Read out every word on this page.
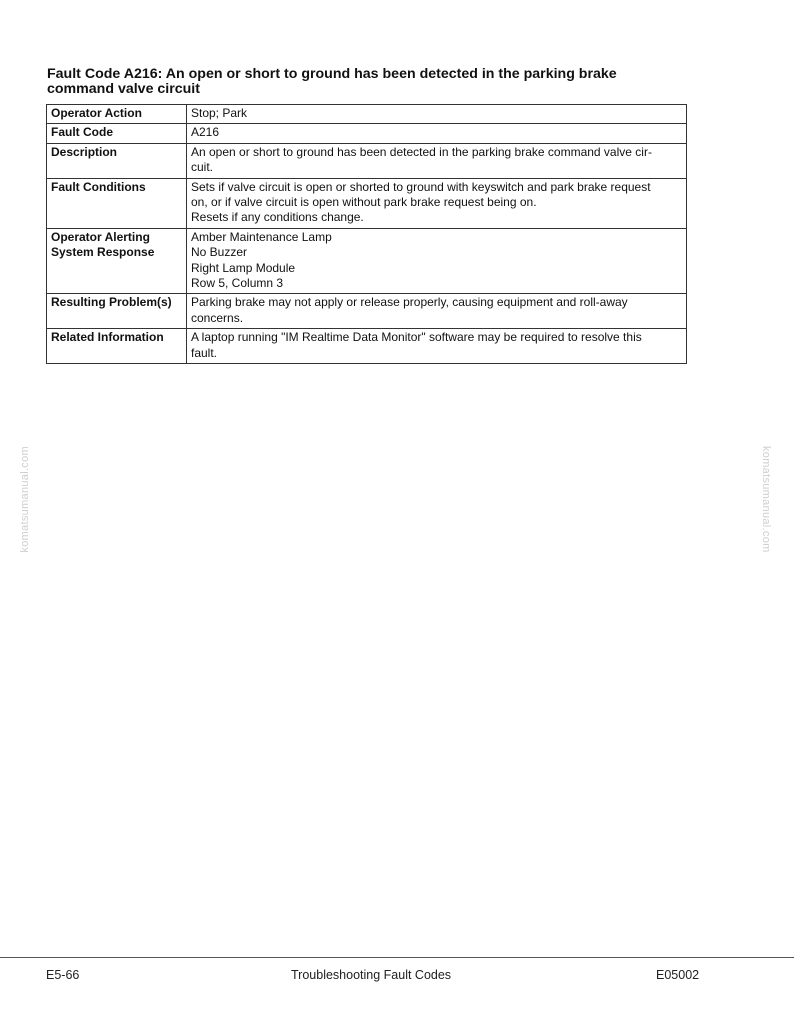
Fault Code A216: An open or short to ground has been detected in the parking brake
command valve circuit
Operator Action	Stop; Park

Fault Code	A216

Description	An open or short to ground has been detected in the parking brake command valve cir-
cuit.

Fault Conditions	Sets if valve circuit is open or shorted to ground with keyswitch and park brake request
on, or if valve circuit is open without park brake request being on.
Resets if any conditions change.

Operator Alerting
System Response	Amber Maintenance Lamp
No Buzzer
Right Lamp Module
Row 5, Column 3

Resulting Problem(s)	Parking brake may not apply or release properly, causing equipment and roll-away
concerns.

Related Information	A laptop running "IM Realtime Data Monitor" software may be required to resolve this
fault.
komatsumanual.com	komatsumanual.com
E5-66	Troubleshooting Fault Codes	E05002
